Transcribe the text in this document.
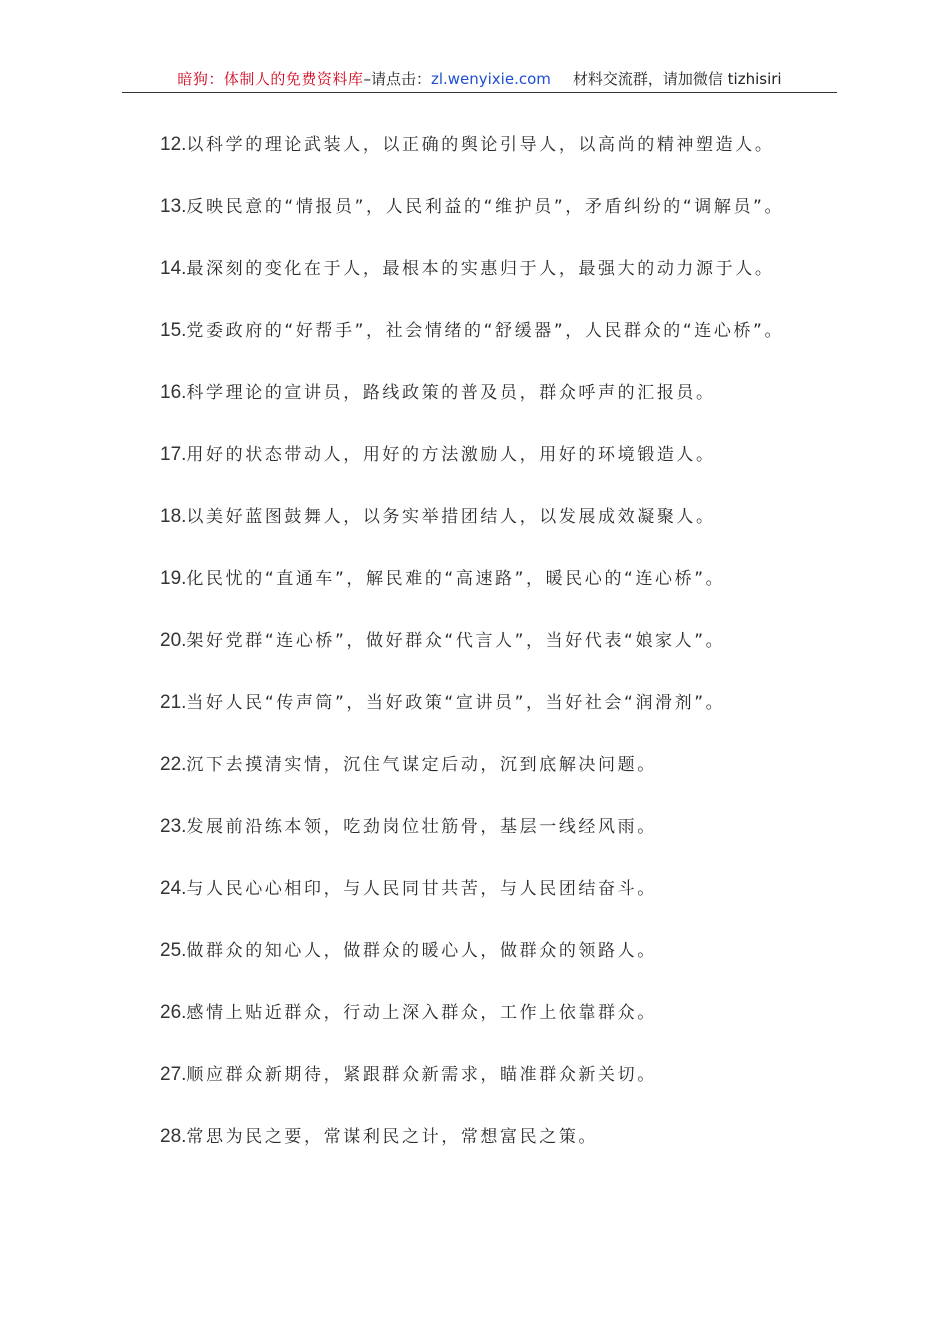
暗狗：体制人的免费资料库–请点击：zl.wenyixie.com 材料交流群，请加微信 tizhisiri
12.以科学的理论武装人，以正确的舆论引导人，以高尚的精神塑造人。
13.反映民意的“情报员”，人民利益的“维护员”，矛盾纠纷的“调解员”。
14.最深刻的变化在于人，最根本的实惠归于人，最强大的动力源于人。
15.党委政府的“好帮手”，社会情绪的“舒缓器”，人民群众的“连心桥”。
16.科学理论的宣讲员，路线政策的普及员，群众呼声的汇报员。
17.用好的状态带动人，用好的方法激励人，用好的环境锻造人。
18.以美好蓝图鼓舞人，以务实举措团结人，以发展成效凝聚人。
19.化民忧的“直通车”，解民难的“高速路”，暖民心的“连心桥”。
20.架好党群“连心桥”，做好群众“代言人”，当好代表“娘家人”。
21.当好人民“传声筒”，当好政策“宣讲员”，当好社会“润滑剂”。
22.沉下去摸清实情，沉住气谋定后动，沉到底解决问题。
23.发展前沿练本领，吃劲岗位壮筋骨，基层一线经风雨。
24.与人民心心相印，与人民同甘共苦，与人民团结奋斗。
25.做群众的知心人，做群众的暖心人，做群众的领路人。
26.感情上贴近群众，行动上深入群众，工作上依靠群众。
27.顺应群众新期待，紧跟群众新需求，瞄准群众新关切。
28.常思为民之要，常谋利民之计，常想富民之策。
